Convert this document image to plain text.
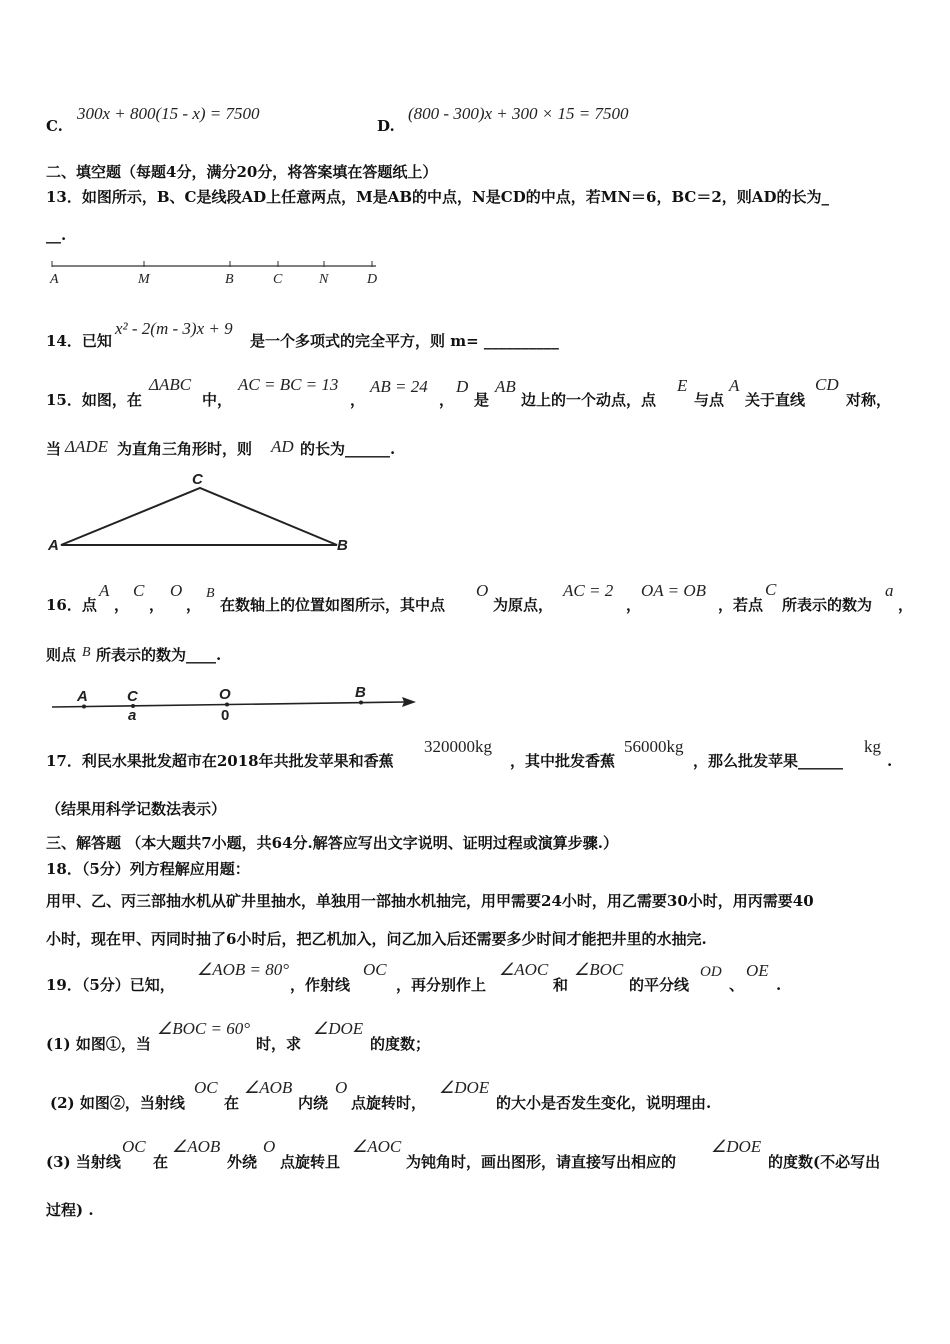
C.
300x + 800(15 - x) = 7500
D.
(800 - 300)x + 300 × 15 = 7500
二、填空题（每题4分，满分20分，将答案填在答题纸上）
13．如图所示，B、C是线段AD上任意两点，M是AB的中点，N是CD的中点，若MN＝6，BC＝2，则AD的长为_
__.
A	M	B	C	N	D
14．已知
x² - 2(m - 3)x + 9
是一个多项式的完全平方，则 m= __________
15．如图，在
ΔABC
中，
AC = BC = 13
，
AB = 24
，
D
是
AB
边上的一个动点，点
E
与点
A
关于直线
CD
对称，
当 ΔADE 为直角三角形时，则 AD 的长为______.
C
A	B
16．点
A
，
C
，
O
，
B
在数轴上的位置如图所示，其中点
O
为原点，
AC = 2
，
OA = OB
，若点
C
所表示的数为
a
，
则点 B 所表示的数为____.
A	C	O	B
a	0
17．利民水果批发超市在2018年共批发苹果和香蕉
320000kg
，其中批发香蕉
56000kg
，那么批发苹果______
kg
.
（结果用科学记数法表示）
三、解答题 （本大题共7小题，共64分.解答应写出文字说明、证明过程或演算步骤.）
18．（5分）列方程解应用题：
用甲、乙、丙三部抽水机从矿井里抽水，单独用一部抽水机抽完，用甲需要24小时，用乙需要30小时，用丙需要40
小时，现在甲、丙同时抽了6小时后，把乙机加入，问乙加入后还需要多少时间才能把井里的水抽完.
19．（5分）已知，
∠AOB = 80°
，作射线
OC
，再分别作上
∠AOC
和
∠BOC
的平分线
OD
、
OE
.
(1) 如图①，当
∠BOC = 60°
时，求
∠DOE
的度数；
(2) 如图②，当射线
OC
在
∠AOB
内绕
O
点旋转时，
∠DOE
的大小是否发生变化，说明理由.
(3) 当射线
OC
在
∠AOB
外绕
O
点旋转且
∠AOC
为钝角时，画出图形，请直接写出相应的
∠DOE
的度数(不必写出
过程) .
